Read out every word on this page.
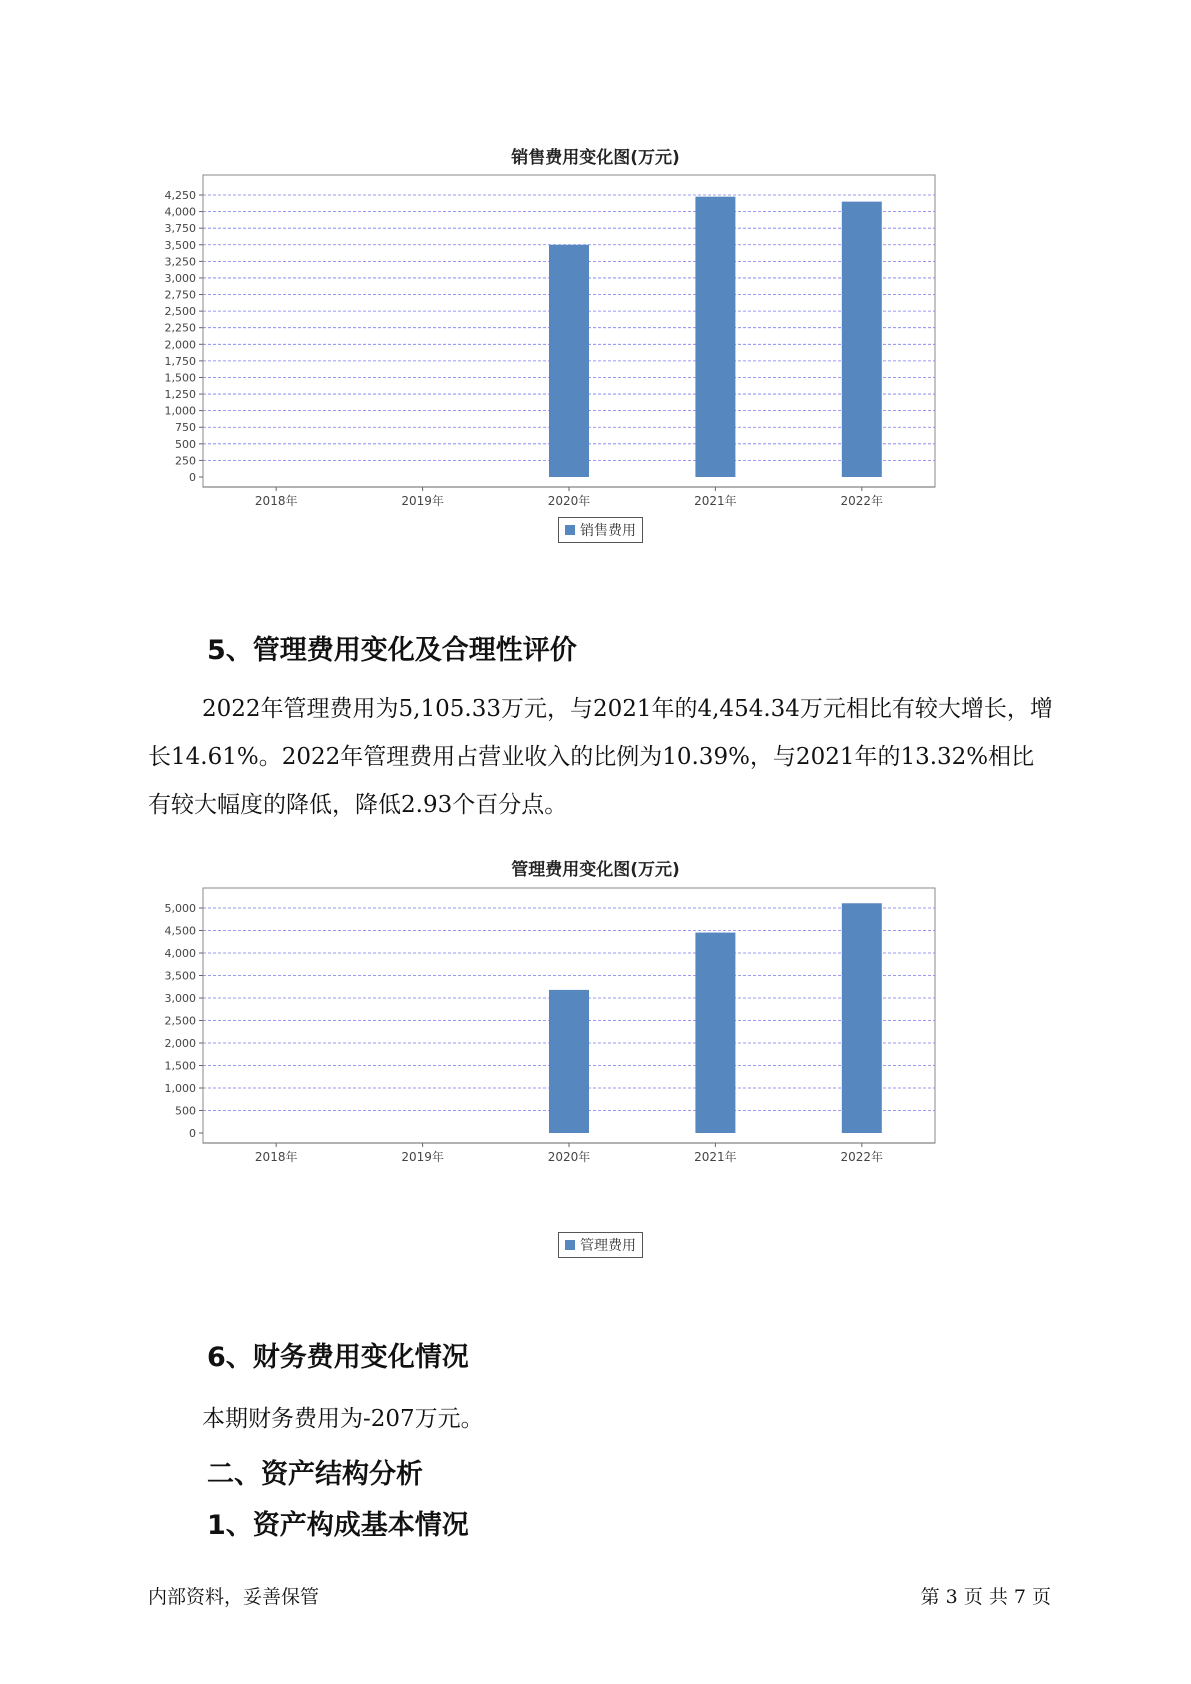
销售费用变化图(万元)
0
250
500
750
1,000
1,250
1,500
1,750
2,000
2,250
2,500
2,750
3,000
3,250
3,500
3,750
4,000
4,250
2018年	2019年	2020年	2021年	2022年
销售费用
5、管理费用变化及合理性评价
2022年管理费用为5,105.33万元，与2021年的4,454.34万元相比有较大增长，增长14.61%。2022年管理费用占营业收入的比例为10.39%，与2021年的13.32%相比有较大幅度的降低，降低2.93个百分点。
管理费用变化图(万元)
0
500
1,000
1,500
2,000
2,500
3,000
3,500
4,000
4,500
5,000
2018年	2019年	2020年	2021年	2022年
管理费用
6、财务费用变化情况
本期财务费用为-207万元。
二、资产结构分析
1、资产构成基本情况
内部资料，妥善保管	第 3 页 共 7 页
